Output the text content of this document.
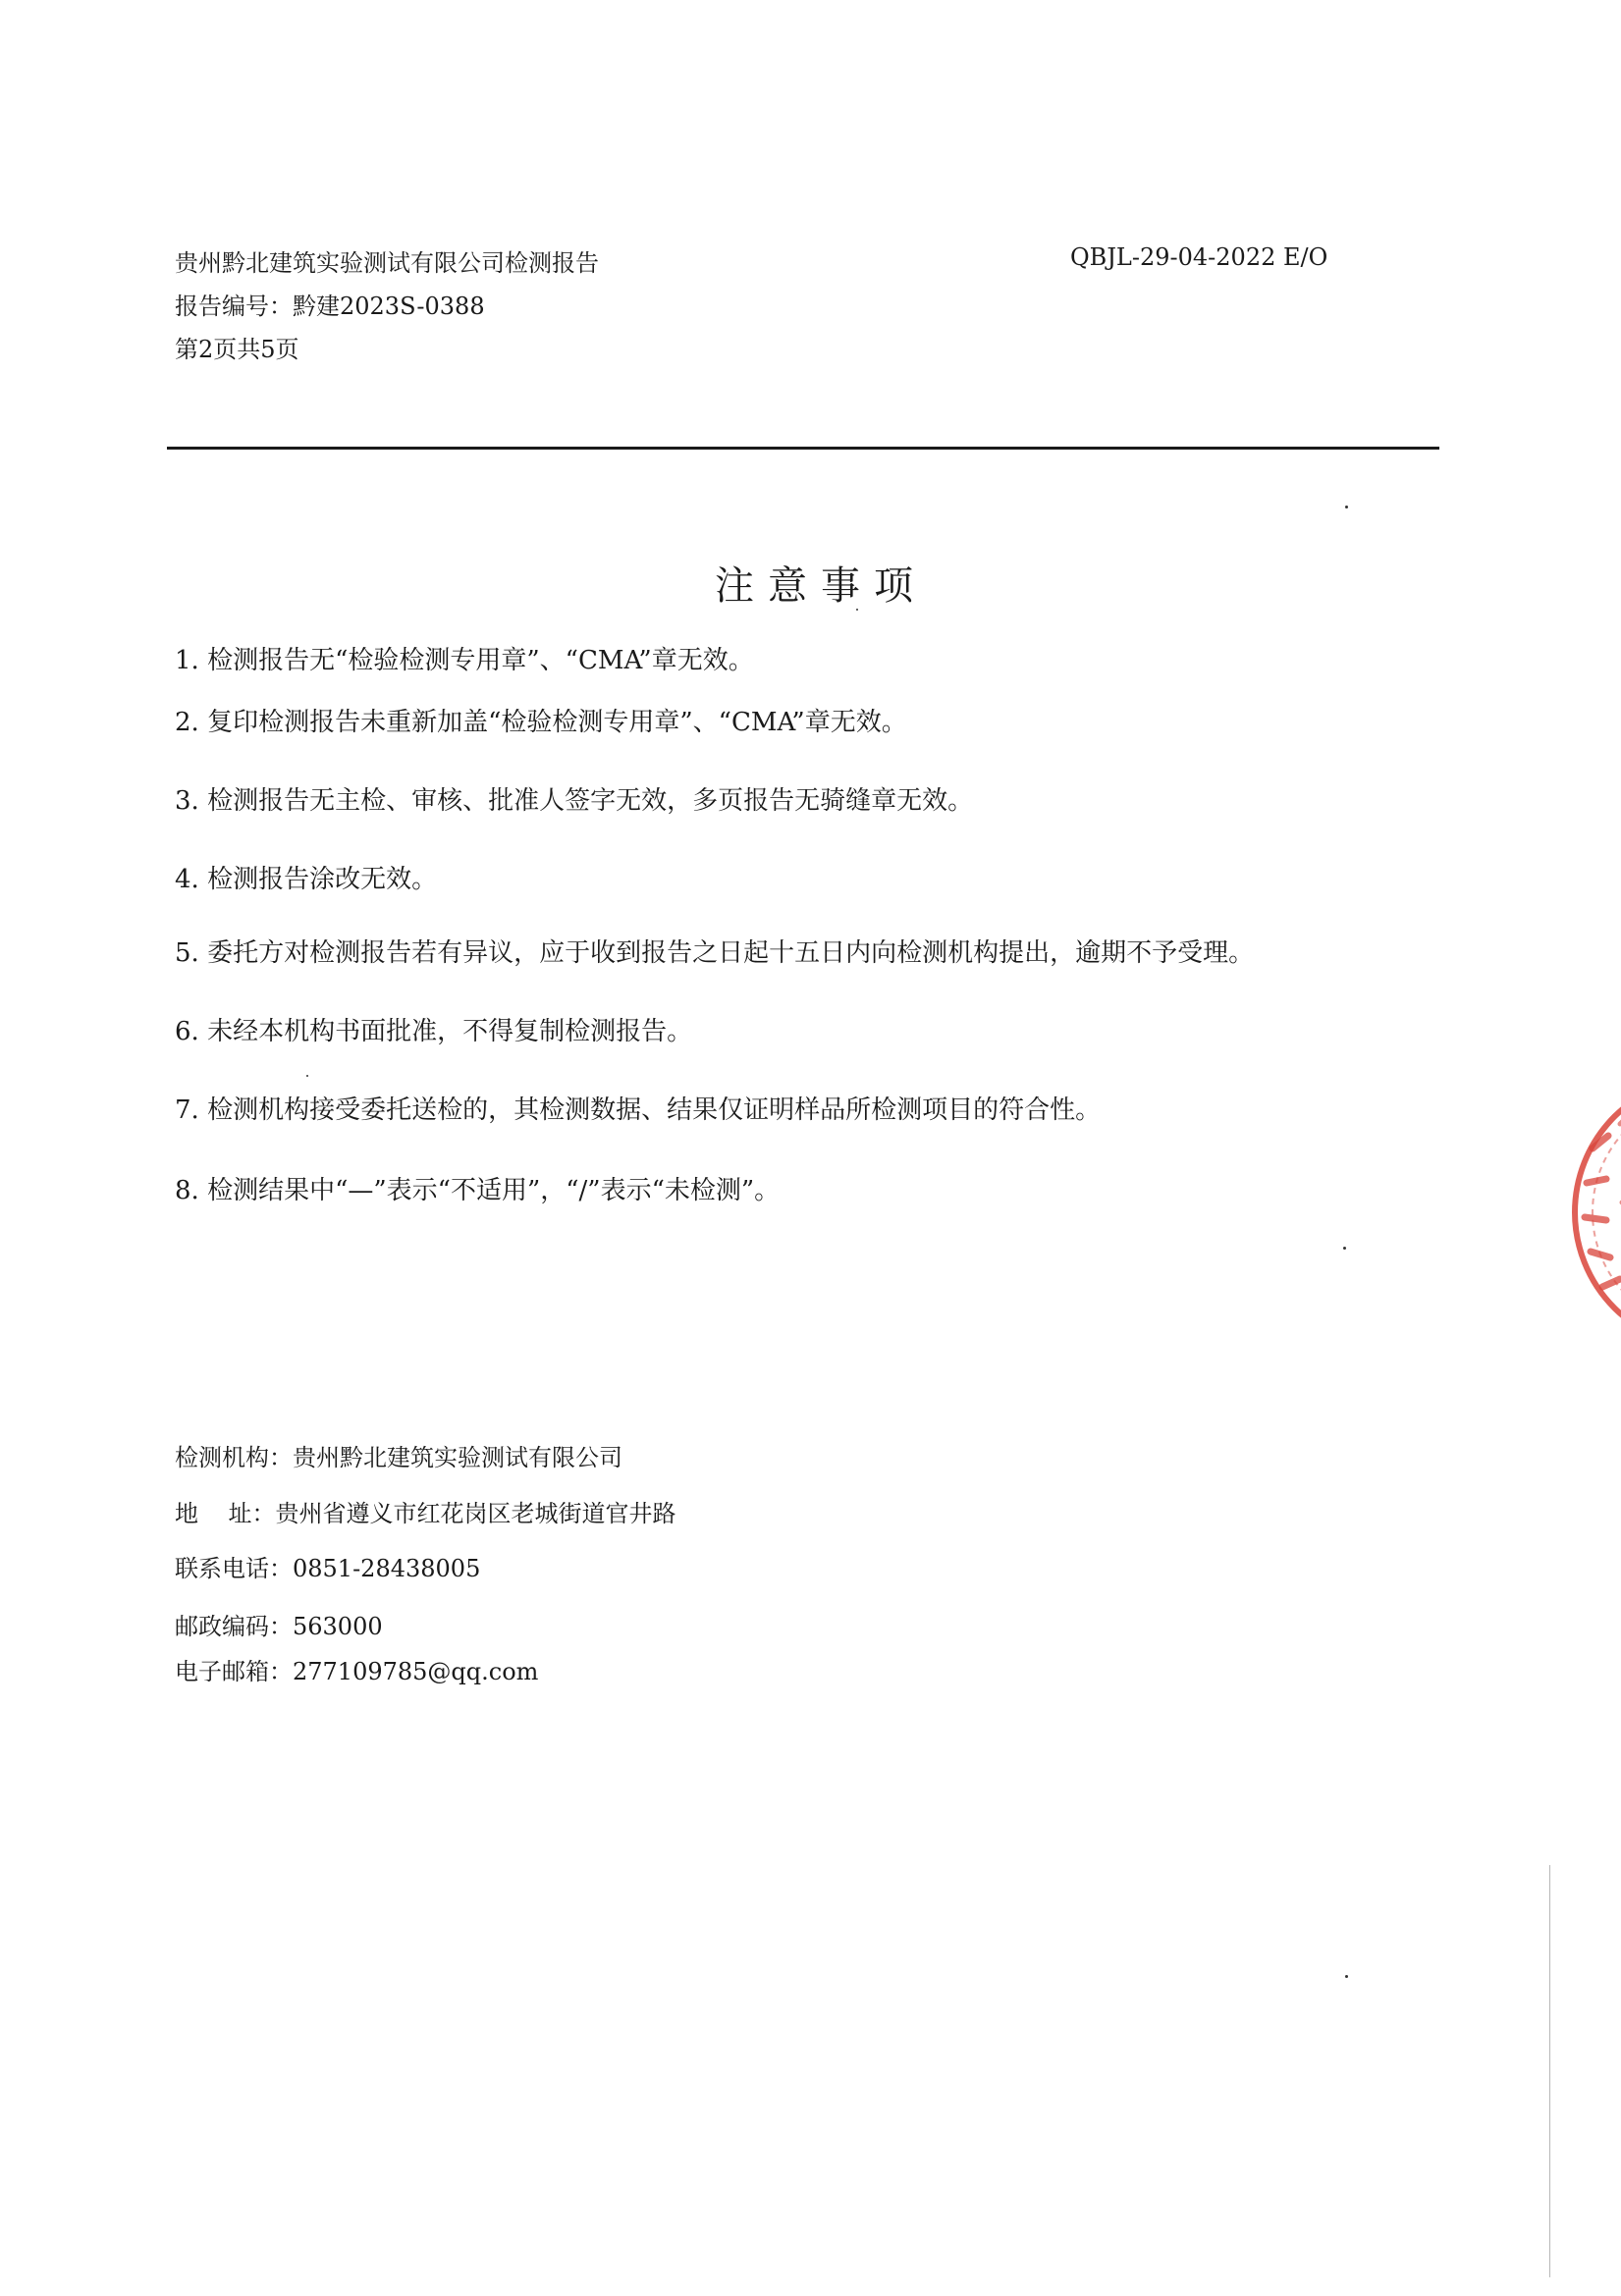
贵州黔北建筑实验测试有限公司检测报告	QBJL-29-04-2022 E/O
报告编号：黔建2023S-0388
第2页共5页
注意事项
1. 检测报告无“检验检测专用章”、“CMA”章无效。
2. 复印检测报告未重新加盖“检验检测专用章”、“CMA”章无效。
3. 检测报告无主检、审核、批准人签字无效，多页报告无骑缝章无效。
4. 检测报告涂改无效。
5. 委托方对检测报告若有异议，应于收到报告之日起十五日内向检测机构提出，逾期不予受理。
6. 未经本机构书面批准，不得复制检测报告。
7. 检测机构接受委托送检的，其检测数据、结果仅证明样品所检测项目的符合性。
8. 检测结果中“—”表示“不适用”，“/”表示“未检测”。
检测机构：贵州黔北建筑实验测试有限公司
地    址：贵州省遵义市红花岗区老城街道官井路
联系电话：0851-28438005
邮政编码：563000
电子邮箱：277109785@qq.com
